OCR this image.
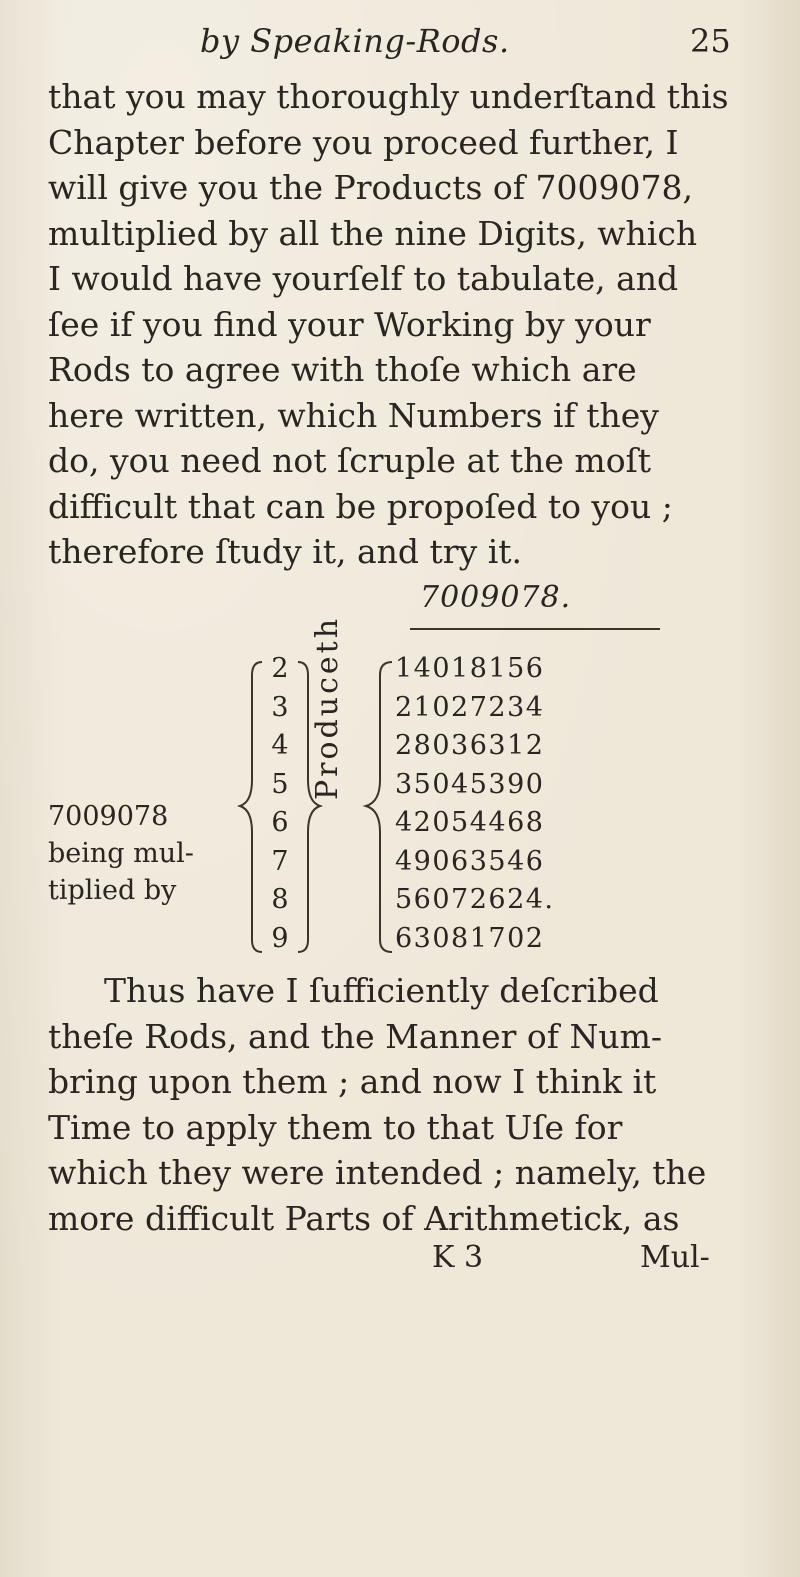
by Speaking-Rods.	25
that you may thoroughly underſtand this
Chapter before you proceed further, I
will give you the Products of 7009078,
multiplied by all the nine Digits, which
I would have yourſelf to tabulate, and
ſee if you find your Working by your
Rods to agree with thoſe which are
here written, which Numbers if they
do, you need not ſcruple at the moſt
difficult that can be propoſed to you ;
therefore ſtudy it, and try it.
7009078.
7009078
being mul-
tiplied by
2
3
4
5
6
7
8
9
Produceth 14018156
21027234
28036312
35045390
42054468
49063546
56072624.
63081702
Thus have I ſufficiently deſcribed
theſe Rods, and the Manner of Num-
bring upon them ; and now I think it
Time to apply them to that Uſe for
which they were intended ; namely, the
more difficult Parts of Arithmetick, as
K 3	Mul-
